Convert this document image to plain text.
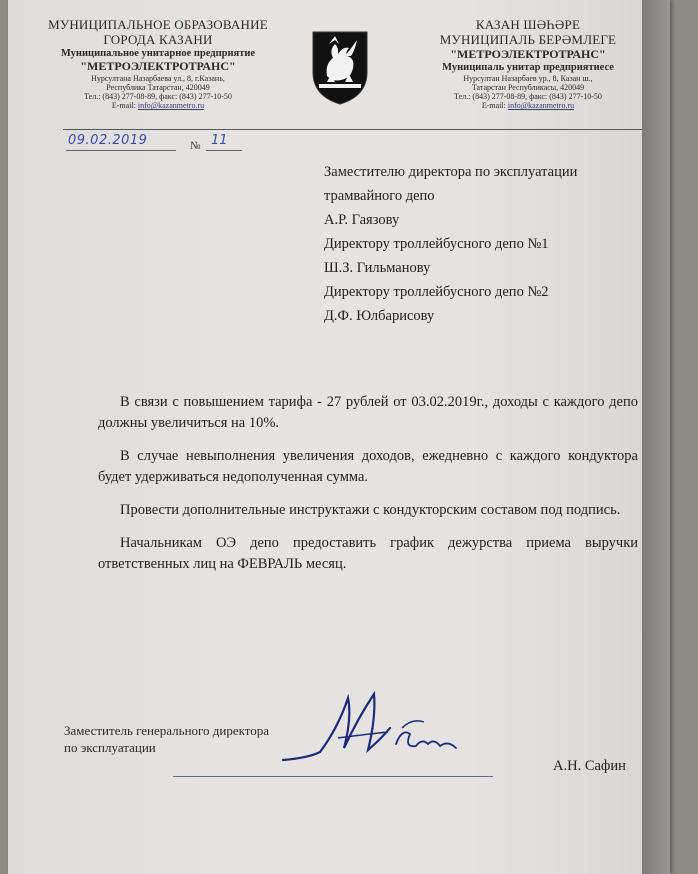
МУНИЦИПАЛЬНОЕ ОБРАЗОВАНИЕ
ГОРОДА КАЗАНИ
Муниципальное унитарное предприятие
"МЕТРОЭЛЕКТРОТРАНС"
Нурсултана Назарбаева ул., 8, г.Казань,
Республика Татарстан, 420049
Тел.: (843) 277-08-89, факс: (843) 277-10-50
E-mail: info@kazanmetro.ru
КАЗАН ШӘҺӘРЕ
МУНИЦИПАЛЬ БЕРӘМЛЕГЕ
"МЕТРОЭЛЕКТРОТРАНС"
Муниципаль унитар предприятиесе
Нурсултан Назарбаев ур., 8, Казан ш.,
Татарстан Республикасы, 420049
Тел.: (843) 277-08-89, факс: (843) 277-10-50
E-mail: info@kazanmetro.ru
09.02.2019	№ 11
Заместителю директора по эксплуатации
трамвайного депо
А.Р. Гаязову
Директору троллейбусного депо №1
Ш.З. Гильманову
Директору троллейбусного депо №2
Д.Ф. Юлбарисову

В связи с повышением тарифа - 27 рублей от 03.02.2019г., доходы с каждого депо должны увеличиться на 10%.

В случае невыполнения увеличения доходов, ежедневно с каждого кондуктора будет удерживаться недополученная сумма.

Провести дополнительные инструктажи с кондукторским составом под подпись.

Начальникам ОЭ депо предоставить график дежурства приема выручки ответственных лиц на ФЕВРАЛЬ месяц.

Заместитель генерального директора
по эксплуатации
А.Н. Сафин
